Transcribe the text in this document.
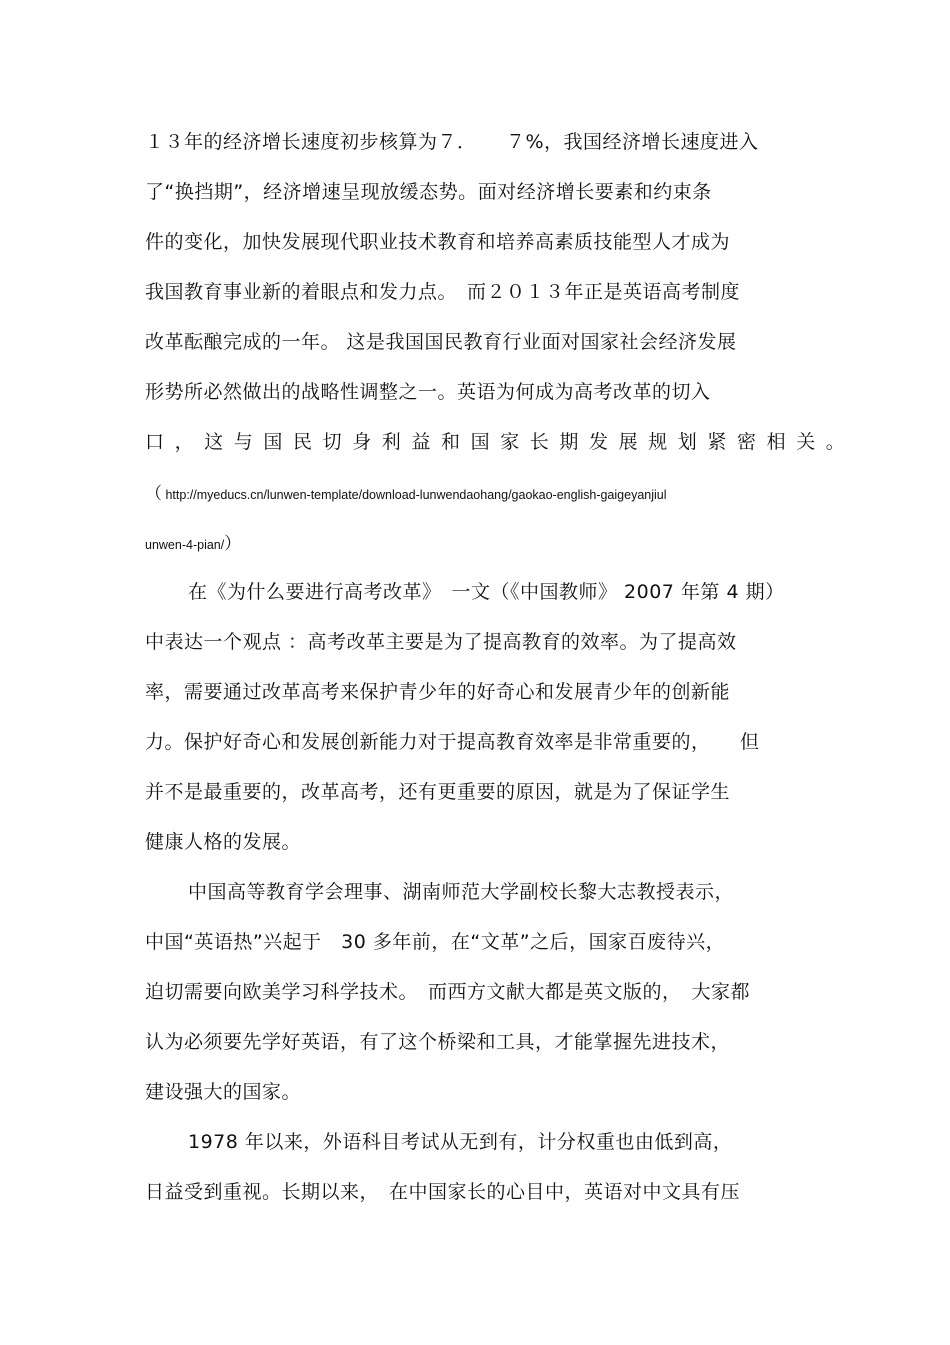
１３年的经济增长速度初步核算为７．　　７%，我国经济增长速度进入
了“换挡期”，经济增速呈现放缓态势。面对经济增长要素和约束条
件的变化，加快发展现代职业技术教育和培养高素质技能型人才成为
我国教育事业新的着眼点和发力点。　而２０１３年正是英语高考制度
改革酝酿完成的一年。 这是我国国民教育行业面对国家社会经济发展
形势所必然做出的战略性调整之一。英语为何成为高考改革的切入
口，这与国民切身利益和国家长期发展规划紧密相关。
（ http://myeducs.cn/lunwen-template/download-lunwendaohang/gaokao-english-gaigeyanjiul
unwen-4-pian/）
在《为什么要进行高考改革》　一文（《中国教师》 2007 年第 4 期）
中表达一个观点 ：高考改革主要是为了提高教育的效率。为了提高效
率，需要通过改革高考来保护青少年的好奇心和发展青少年的创新能
力。保护好奇心和发展创新能力对于提高教育效率是非常重要的，　　但
并不是最重要的，改革高考，还有更重要的原因，就是为了保证学生
健康人格的发展。
中国高等教育学会理事、湖南师范大学副校长黎大志教授表示，
中国“英语热”兴起于　30 多年前，在“文革”之后，国家百废待兴，
迫切需要向欧美学习科学技术。　而西方文献大都是英文版的，　大家都
认为必须要先学好英语，有了这个桥梁和工具，才能掌握先进技术，
建设强大的国家。
1978 年以来，外语科目考试从无到有，计分权重也由低到高，
日益受到重视。长期以来，　在中国家长的心目中，英语对中文具有压
